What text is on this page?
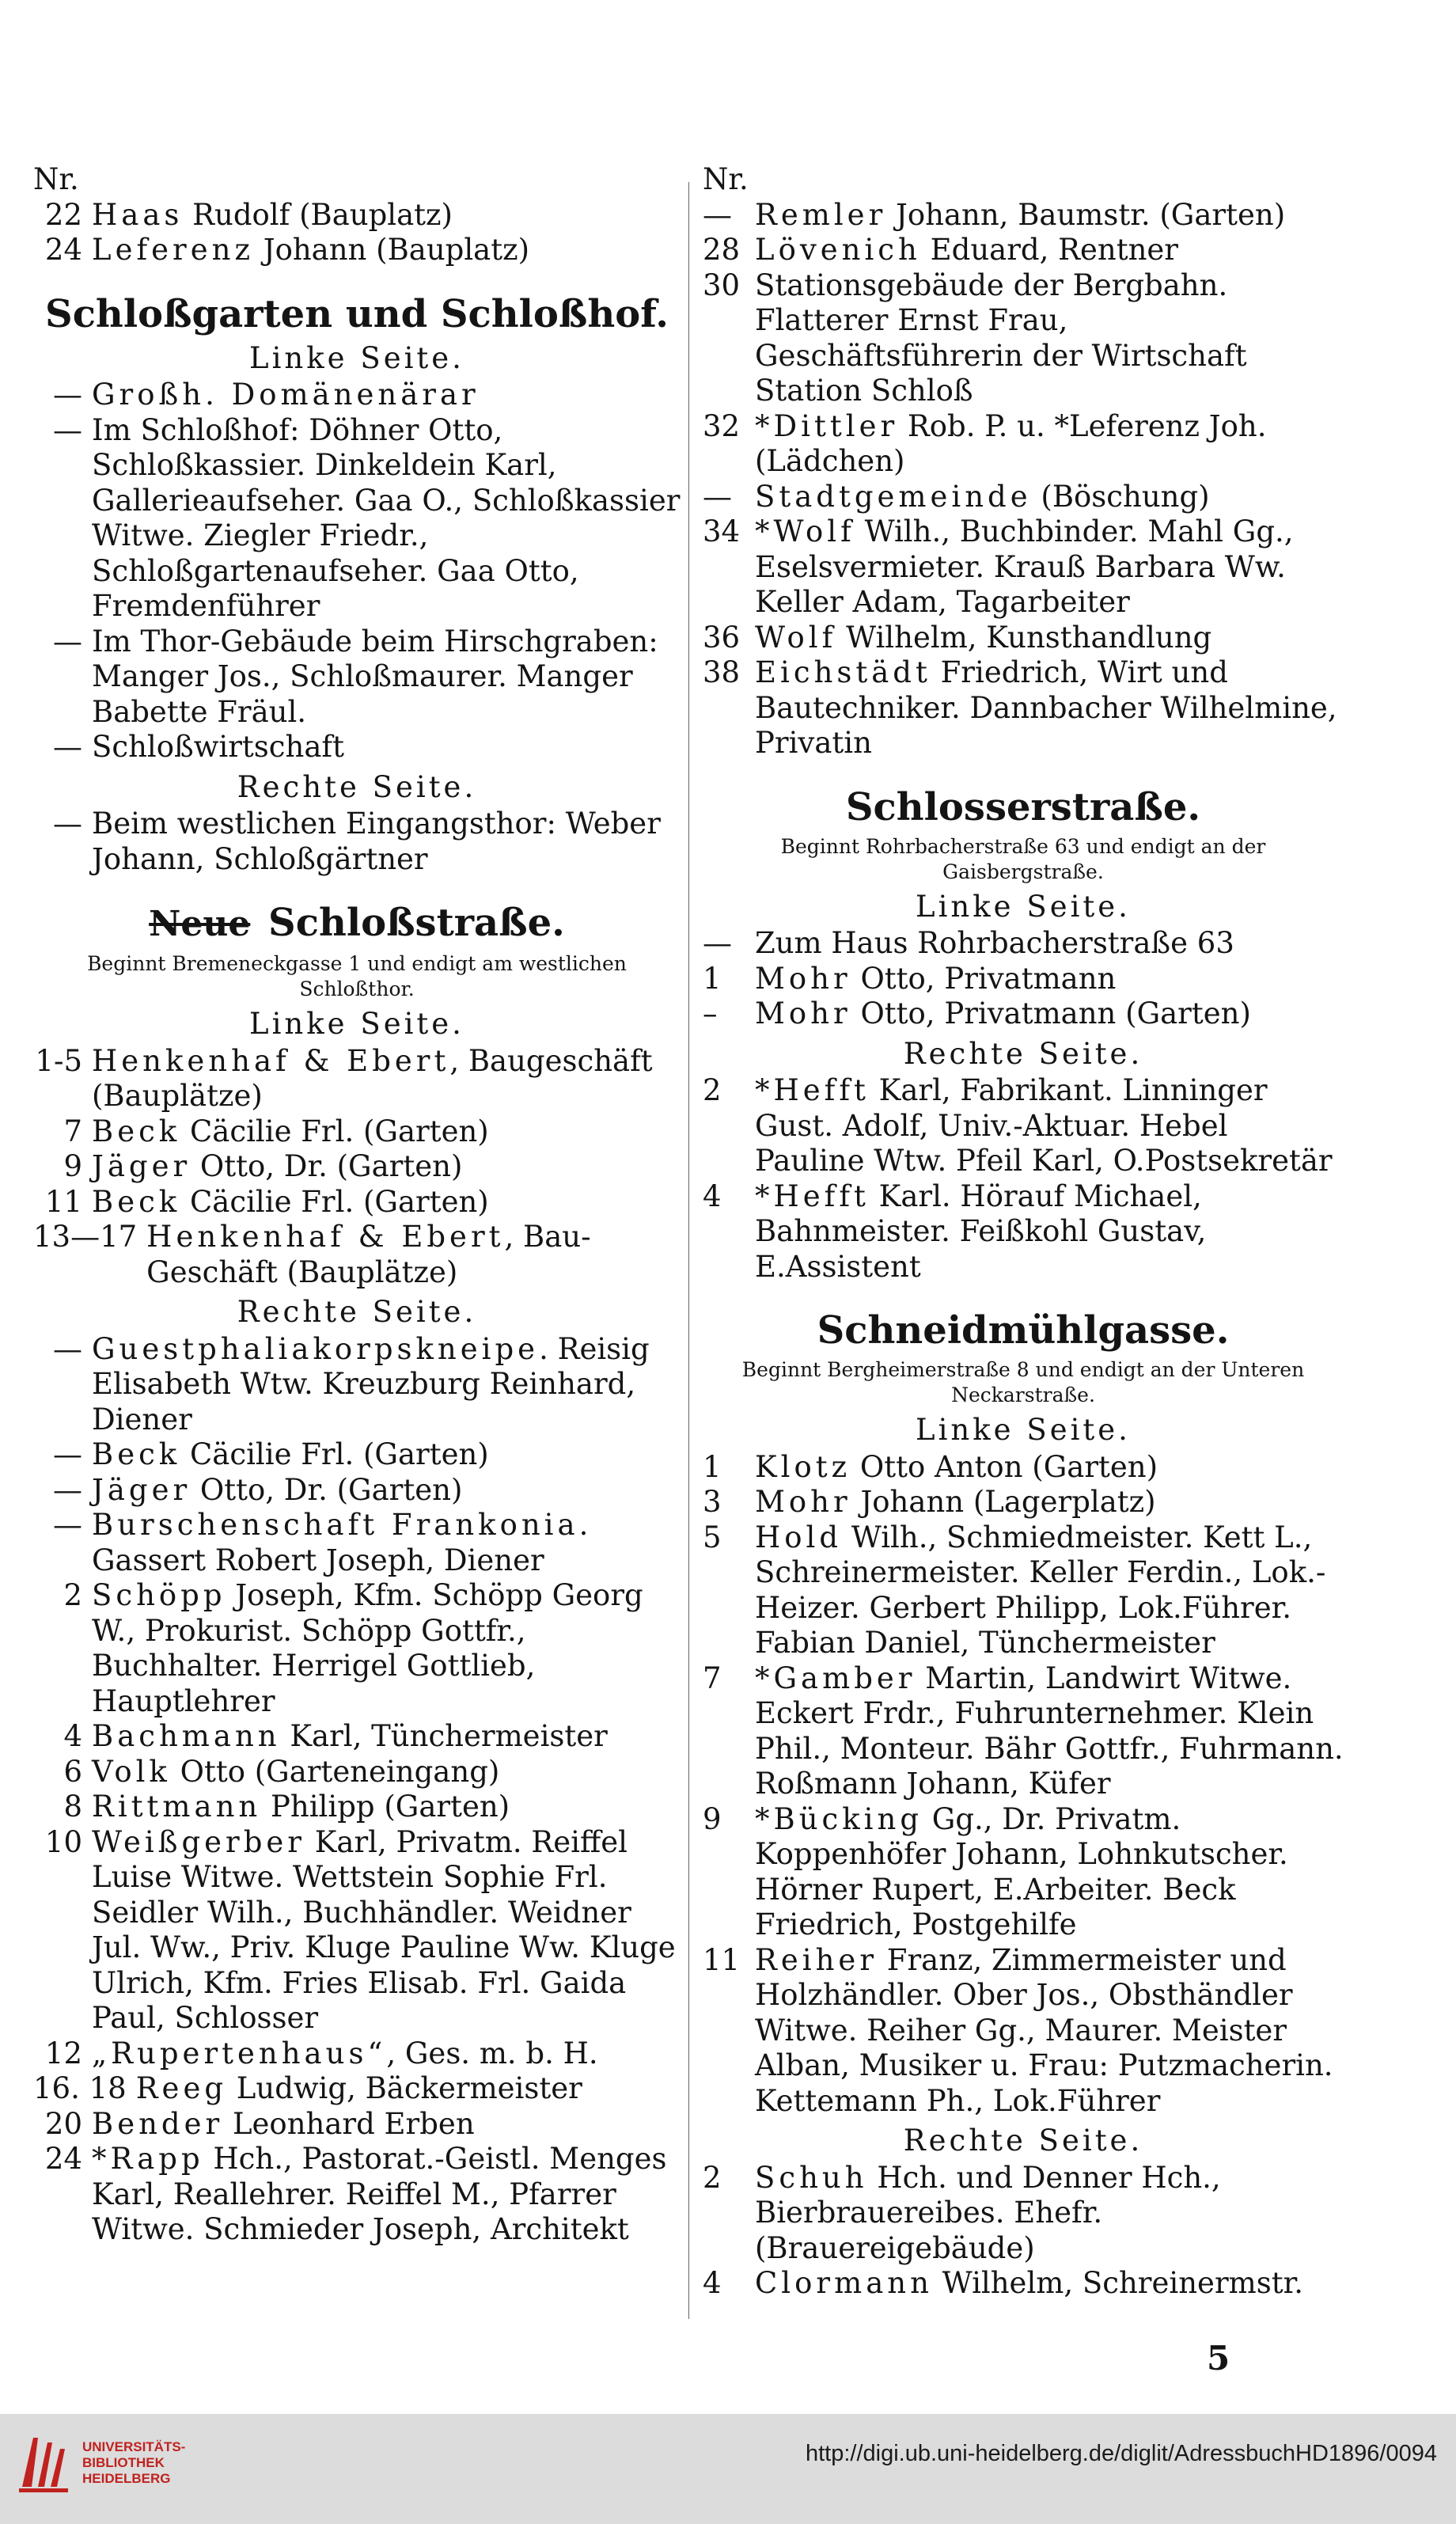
Nr.
22 Haas Rudolf (Bauplatz)
24 Leferenz Johann (Bauplatz)
Schloßgarten und Schloßhof.
Linke Seite.
— Großh. Domänenärar
— Im Schloßhof: Döhner Otto, Schloßkassier. Dinkeldein Karl, Gallerieaufseher. Gaa O., Schloßkassier Witwe. Ziegler Friedr., Schloßgartenaufseher. Gaa Otto, Fremdenführer
— Im Thor-Gebäude beim Hirschgraben: Manger Jos., Schloßmaurer. Manger Babette Fräul.
— Schloßwirtschaft
Rechte Seite.
— Beim westlichen Eingangsthor: Weber Johann, Schloßgärtner
Neue Schloßstraße.
Beginnt Bremeneckgasse 1 und endigt am westlichen Schloßthor.
Linke Seite.
1-5 Henkenhaf & Ebert, Baugeschäft (Bauplätze)
7 Beck Cäcilie Frl. (Garten)
9 Jäger Otto, Dr. (Garten)
11 Beck Cäcilie Frl. (Garten)
13—17 Henkenhaf & Ebert, Bau-Geschäft (Bauplätze)
Rechte Seite.
— Guestphaliakorpskneipe. Reisig Elisabeth Wtw. Kreuzburg Reinhard, Diener
— Beck Cäcilie Frl. (Garten)
— Jäger Otto, Dr. (Garten)
— Burschenschaft Frankonia. Gassert Robert Joseph, Diener
2 Schöpp Joseph, Kfm. Schöpp Georg W., Prokurist. Schöpp Gottfr., Buchhalter. Herrigel Gottlieb, Hauptlehrer
4 Bachmann Karl, Tünchermeister
6 Volk Otto (Garteneingang)
8 Rittmann Philipp (Garten)
10 Weißgerber Karl, Privatm. Reiffel Luise Witwe. Wettstein Sophie Frl. Seidler Wilh., Buchhändler. Weidner Jul. Ww., Priv. Kluge Pauline Ww. Kluge Ulrich, Kfm. Fries Elisab. Frl. Gaida Paul, Schlosser
12 „Rupertenhaus“, Ges. m. b. H.
16. 18 Reeg Ludwig, Bäckermeister
20 Bender Leonhard Erben
24 *Rapp Hch., Pastorat.-Geistl. Menges Karl, Reallehrer. Reiffel M., Pfarrer Witwe. Schmieder Joseph, Architekt
Nr.
— Remler Johann, Baumstr. (Garten)
28 Lövenich Eduard, Rentner
30 Stationsgebäude der Bergbahn. Flatterer Ernst Frau, Geschäftsführerin der Wirtschaft Station Schloß
32 *Dittler Rob. P. u. *Leferenz Joh. (Lädchen)
— Stadtgemeinde (Böschung)
34 *Wolf Wilh., Buchbinder. Mahl Gg., Eselsvermieter. Krauß Barbara Ww. Keller Adam, Tagarbeiter
36 Wolf Wilhelm, Kunsthandlung
38 Eichstädt Friedrich, Wirt und Bautechniker. Dannbacher Wilhelmine, Privatin
Schlosserstraße.
Beginnt Rohrbacherstraße 63 und endigt an der Gaisbergstraße.
Linke Seite.
— Zum Haus Rohrbacherstraße 63
1	Mohr Otto, Privatmann
–	Mohr Otto, Privatmann (Garten)
Rechte Seite.
2	*Hefft Karl, Fabrikant. Linninger Gust. Adolf, Univ.-Aktuar. Hebel Pauline Wtw. Pfeil Karl, O.Postsekretär
4	*Hefft Karl. Hörauf Michael, Bahnmeister. Feißkohl Gustav, E.Assistent
Schneidmühlgasse.
Beginnt Bergheimerstraße 8 und endigt an der Unteren Neckarstraße.
Linke Seite.
1	Klotz Otto Anton (Garten)
3	Mohr Johann (Lagerplatz)
5	Hold Wilh., Schmiedmeister. Kett L., Schreinermeister. Keller Ferdin., Lok.-Heizer. Gerbert Philipp, Lok.Führer. Fabian Daniel, Tünchermeister
7	*Gamber Martin, Landwirt Witwe. Eckert Frdr., Fuhrunternehmer. Klein Phil., Monteur. Bähr Gottfr., Fuhrmann. Roßmann Johann, Küfer
9	*Bücking Gg., Dr. Privatm. Koppenhöfer Johann, Lohnkutscher. Hörner Rupert, E.Arbeiter. Beck Friedrich, Postgehilfe
11 Reiher Franz, Zimmermeister und Holzhändler. Ober Jos., Obsthändler Witwe. Reiher Gg., Maurer. Meister Alban, Musiker u. Frau: Putzmacherin. Kettemann Ph., Lok.Führer
Rechte Seite.
2	Schuh Hch. und Denner Hch., Bierbrauereibes. Ehefr. (Brauereigebäude)
4	Clormann Wilhelm, Schreinermstr.
5
UNIVERSITÄTS-
BIBLIOTHEK
HEIDELBERG
http://digi.ub.uni-heidelberg.de/diglit/AdressbuchHD1896/0094
